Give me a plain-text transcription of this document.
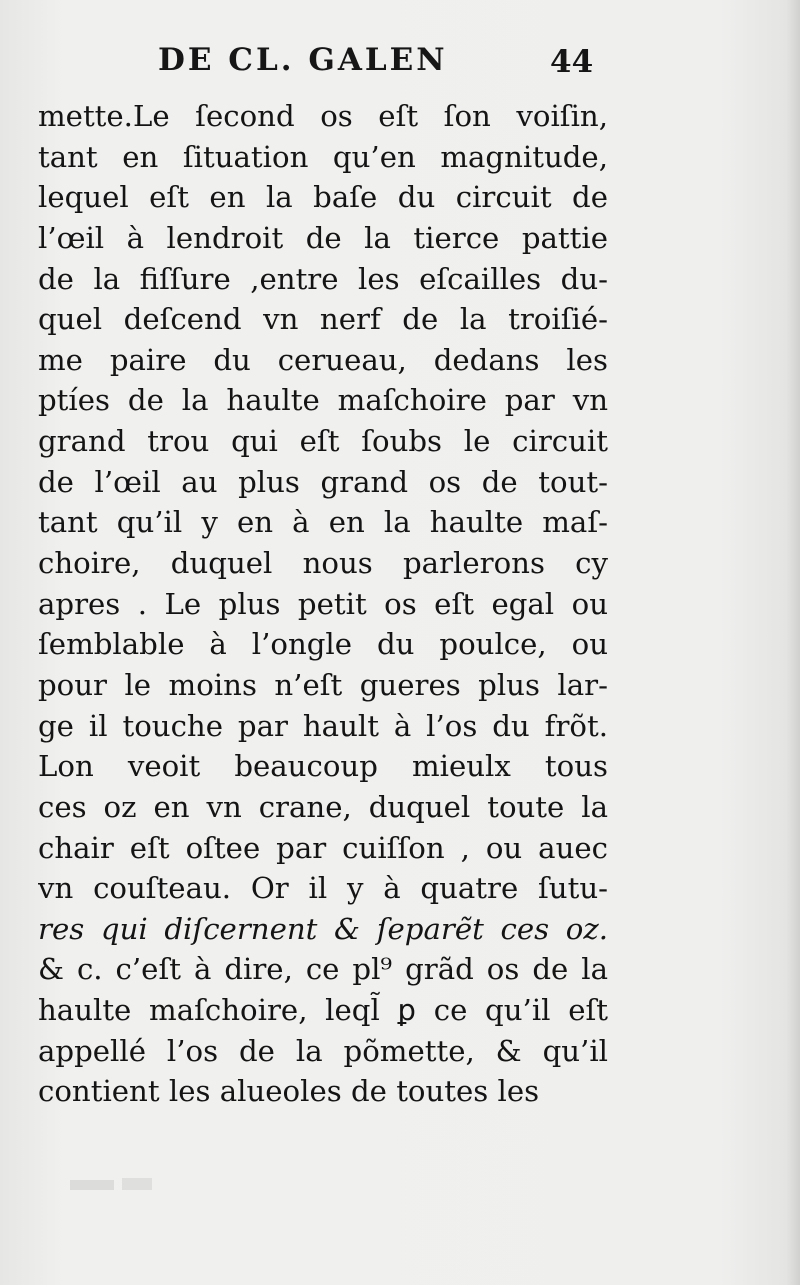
DE CL. GALEN	44
mette.Le ſecond os eſt ſon voiſin,
tant en ſituation qu’en magnitude,
lequel eſt en la baſe du circuit de
l’œil à lendroit de la tierce pattie
de la fiſſure ,entre les eſcailles du-
quel deſcend vn nerf de la troiſié-
me paire du cerueau, dedans les
ptíes de la haulte maſchoire par vn
grand trou qui eſt ſoubs le circuit
de l’œil au plus grand os de tout-
tant qu’il y en à en la haulte maſ-
choire, duquel nous parlerons cy
apres . Le plus petit os eſt egal ou
ſemblable à l’ongle du poulce, ou
pour le moins n’eſt gueres plus lar-
ge il touche par hault à l’os du frõt.
Lon veoit beaucoup mieulx tous
ces oz en vn crane, duquel toute la
chair eſt oſtee par cuiſſon , ou auec
vn couſteau. Or il y à quatre ſutu-
res qui diſcernent & ſeparẽt ces oz.
& c. c’eſt à dire, ce pl⁹ grãd os de la
haulte maſchoire, leql̃ ꝑ ce qu’il eſt
appellé l’os de la põmette, & qu’il
contient les alueoles de toutes les
